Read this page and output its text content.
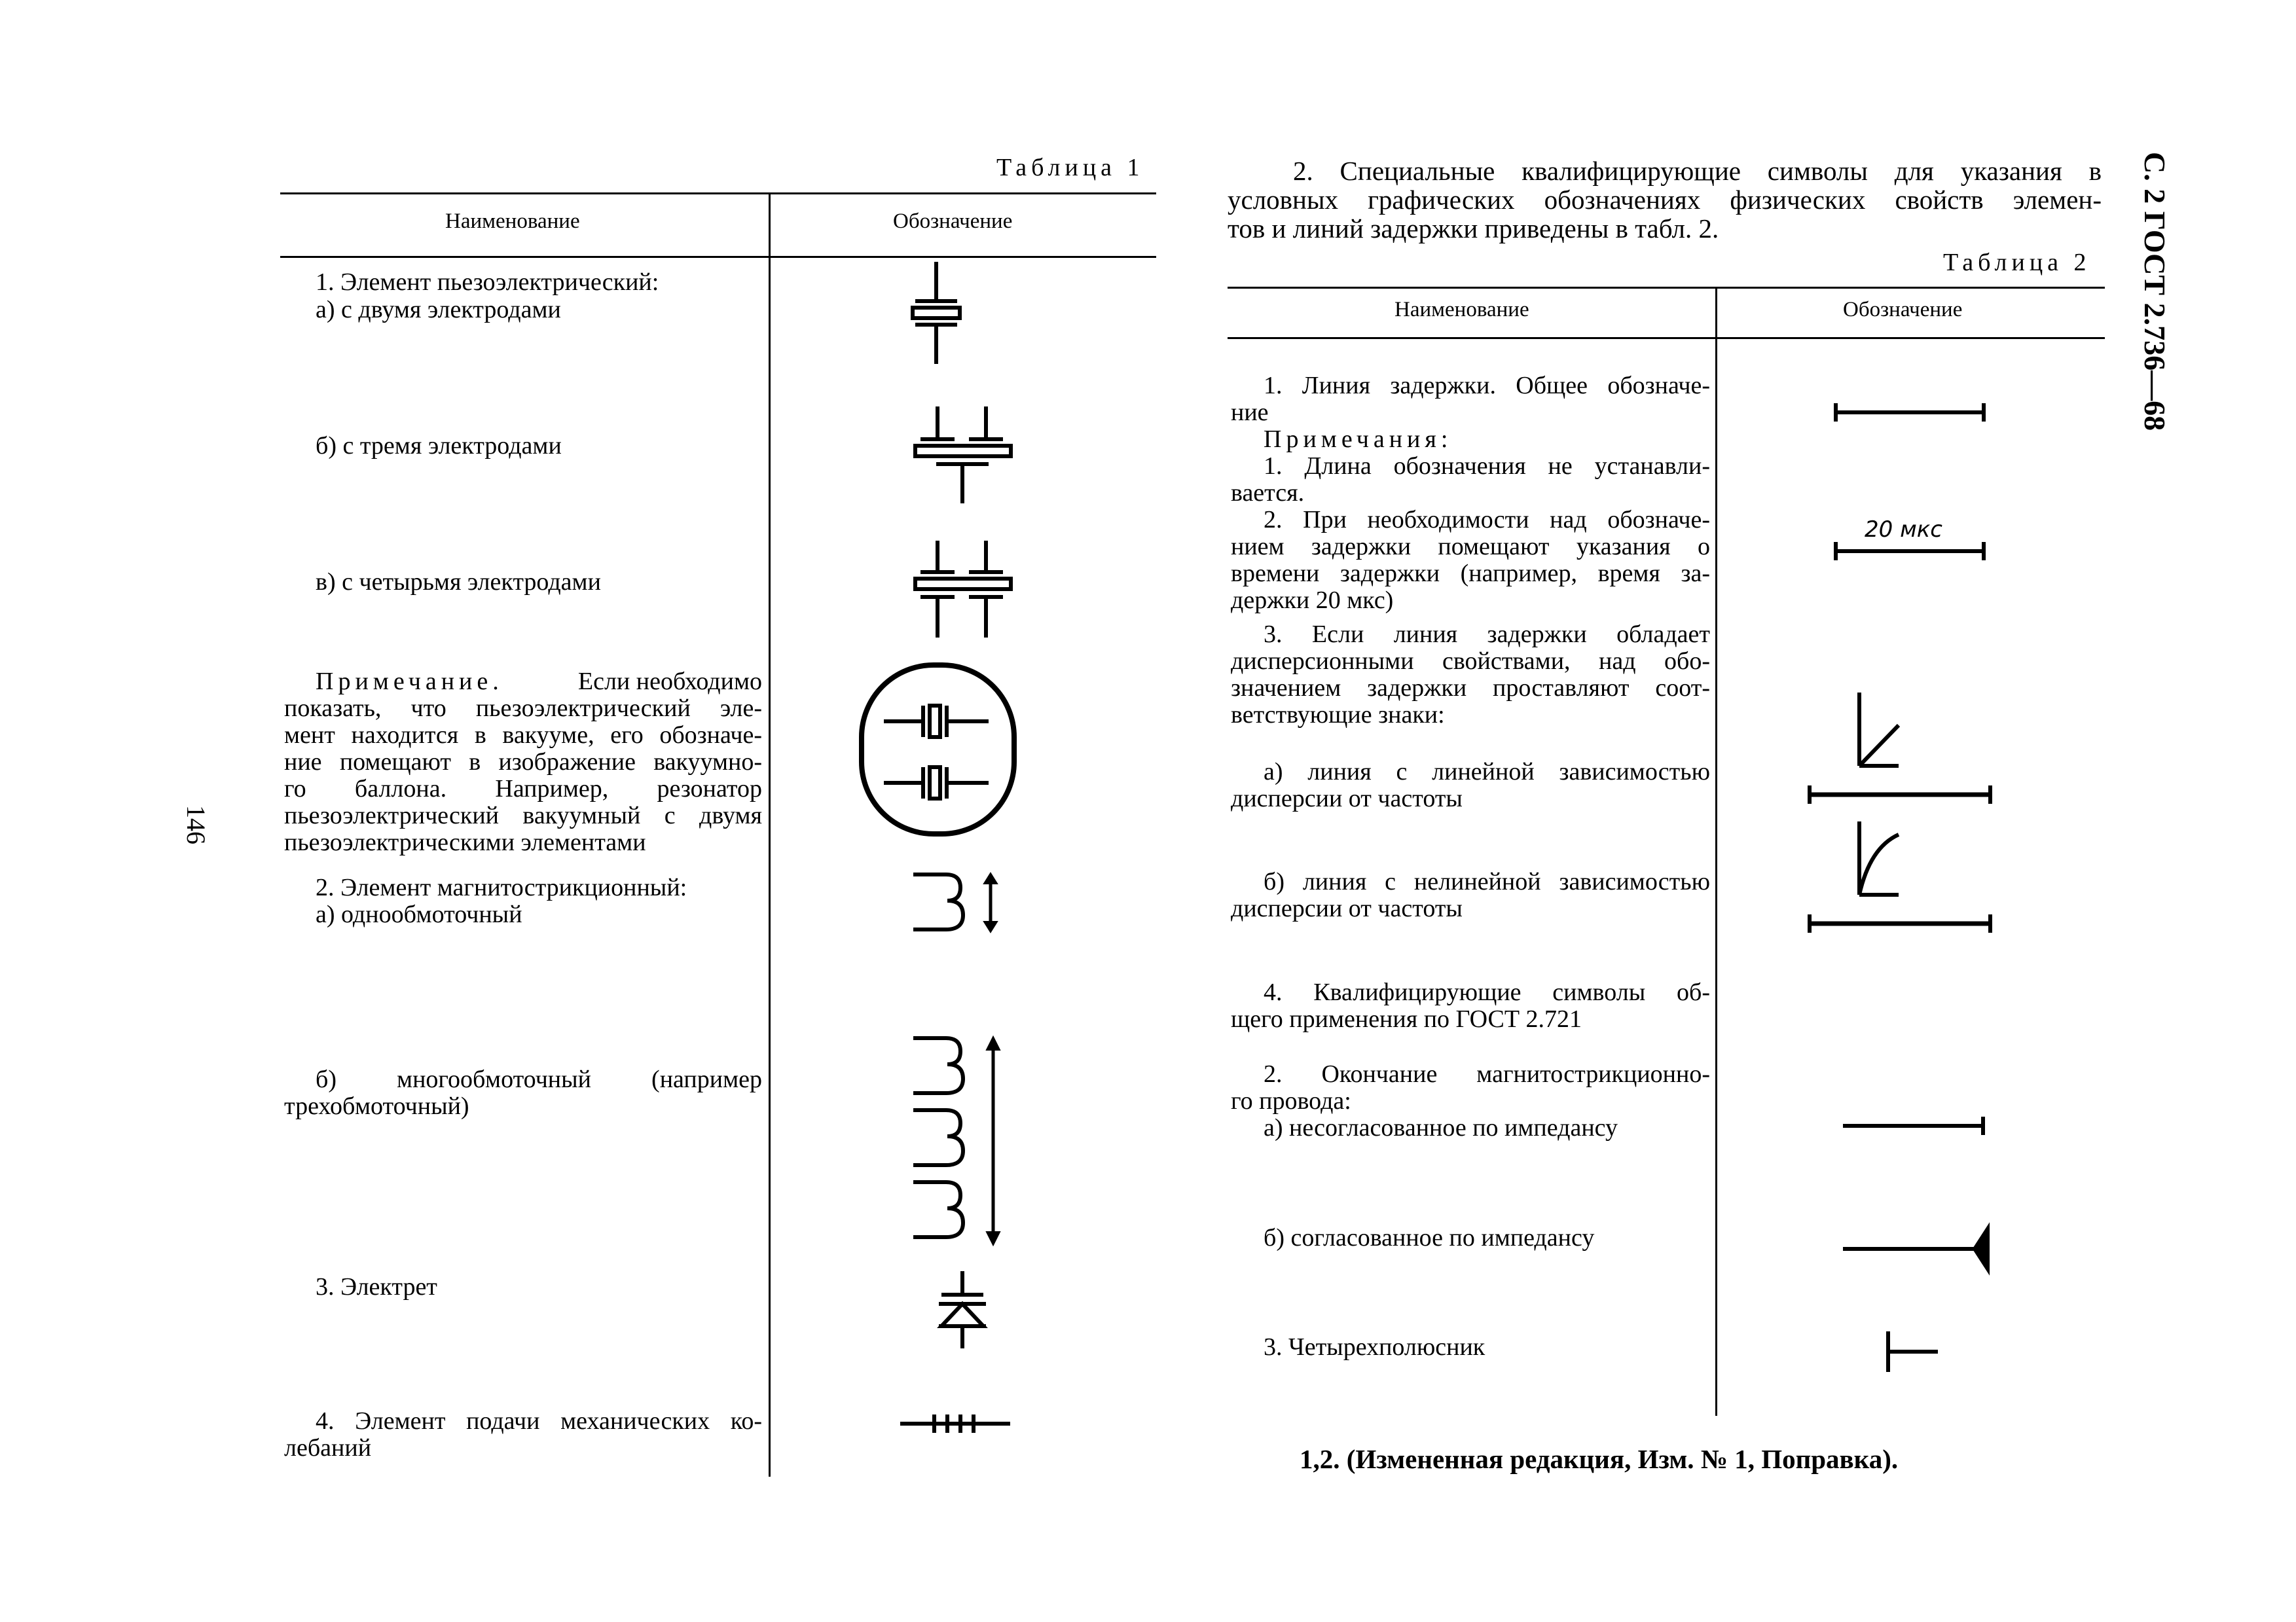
Таблица 1
Наименование	Обозначение
1. Элемент пьезоэлектрический:
а) с двумя электродами
б) с тремя электродами
в) с четырьмя электродами
Примечание.	Если необходимо
показать, что пьезоэлектрический эле-
мент находится в вакууме, его обозначе-
ние помещают в изображение вакуумно-
го баллона. Например, резонатор
пьезоэлектрический вакуумный с двумя
пьезоэлектрическими элементами
2. Элемент магнитострикционный:
а) однообмоточный
б) многообмоточный (например
трехобмоточный)
3. Электрет
4. Элемент подачи механических ко-
лебаний
146
2. Специальные квалифицирующие символы для указания в
условных графических обозначениях физических свойств элемен-
тов и линий задержки приведены в табл. 2.
Таблица 2
Наименование	Обозначение
1. Линия задержки. Общее обозначе-
ние
Примечания:
1. Длина обозначения не устанавли-
вается.
2. При необходимости над обозначе-
нием задержки помещают указания о
времени задержки (например, время за-
держки 20 мкс)
3. Если линия задержки обладает
дисперсионными свойствами, над обо-
значением задержки проставляют соот-
ветствующие знаки:
а) линия с линейной зависимостью
дисперсии от частоты
б) линия с нелинейной зависимостью
дисперсии от частоты
4. Квалифицирующие символы об-
щего применения по ГОСТ 2.721
2. Окончание магнитострикционно-
го провода:
а) несогласованное по импедансу
б) согласованное по импедансу
3. Четырехполюсник
С. 2 ГОСТ 2.736—68
1,2. (Измененная редакция, Изм. № 1, Поправка).
20 мкс
